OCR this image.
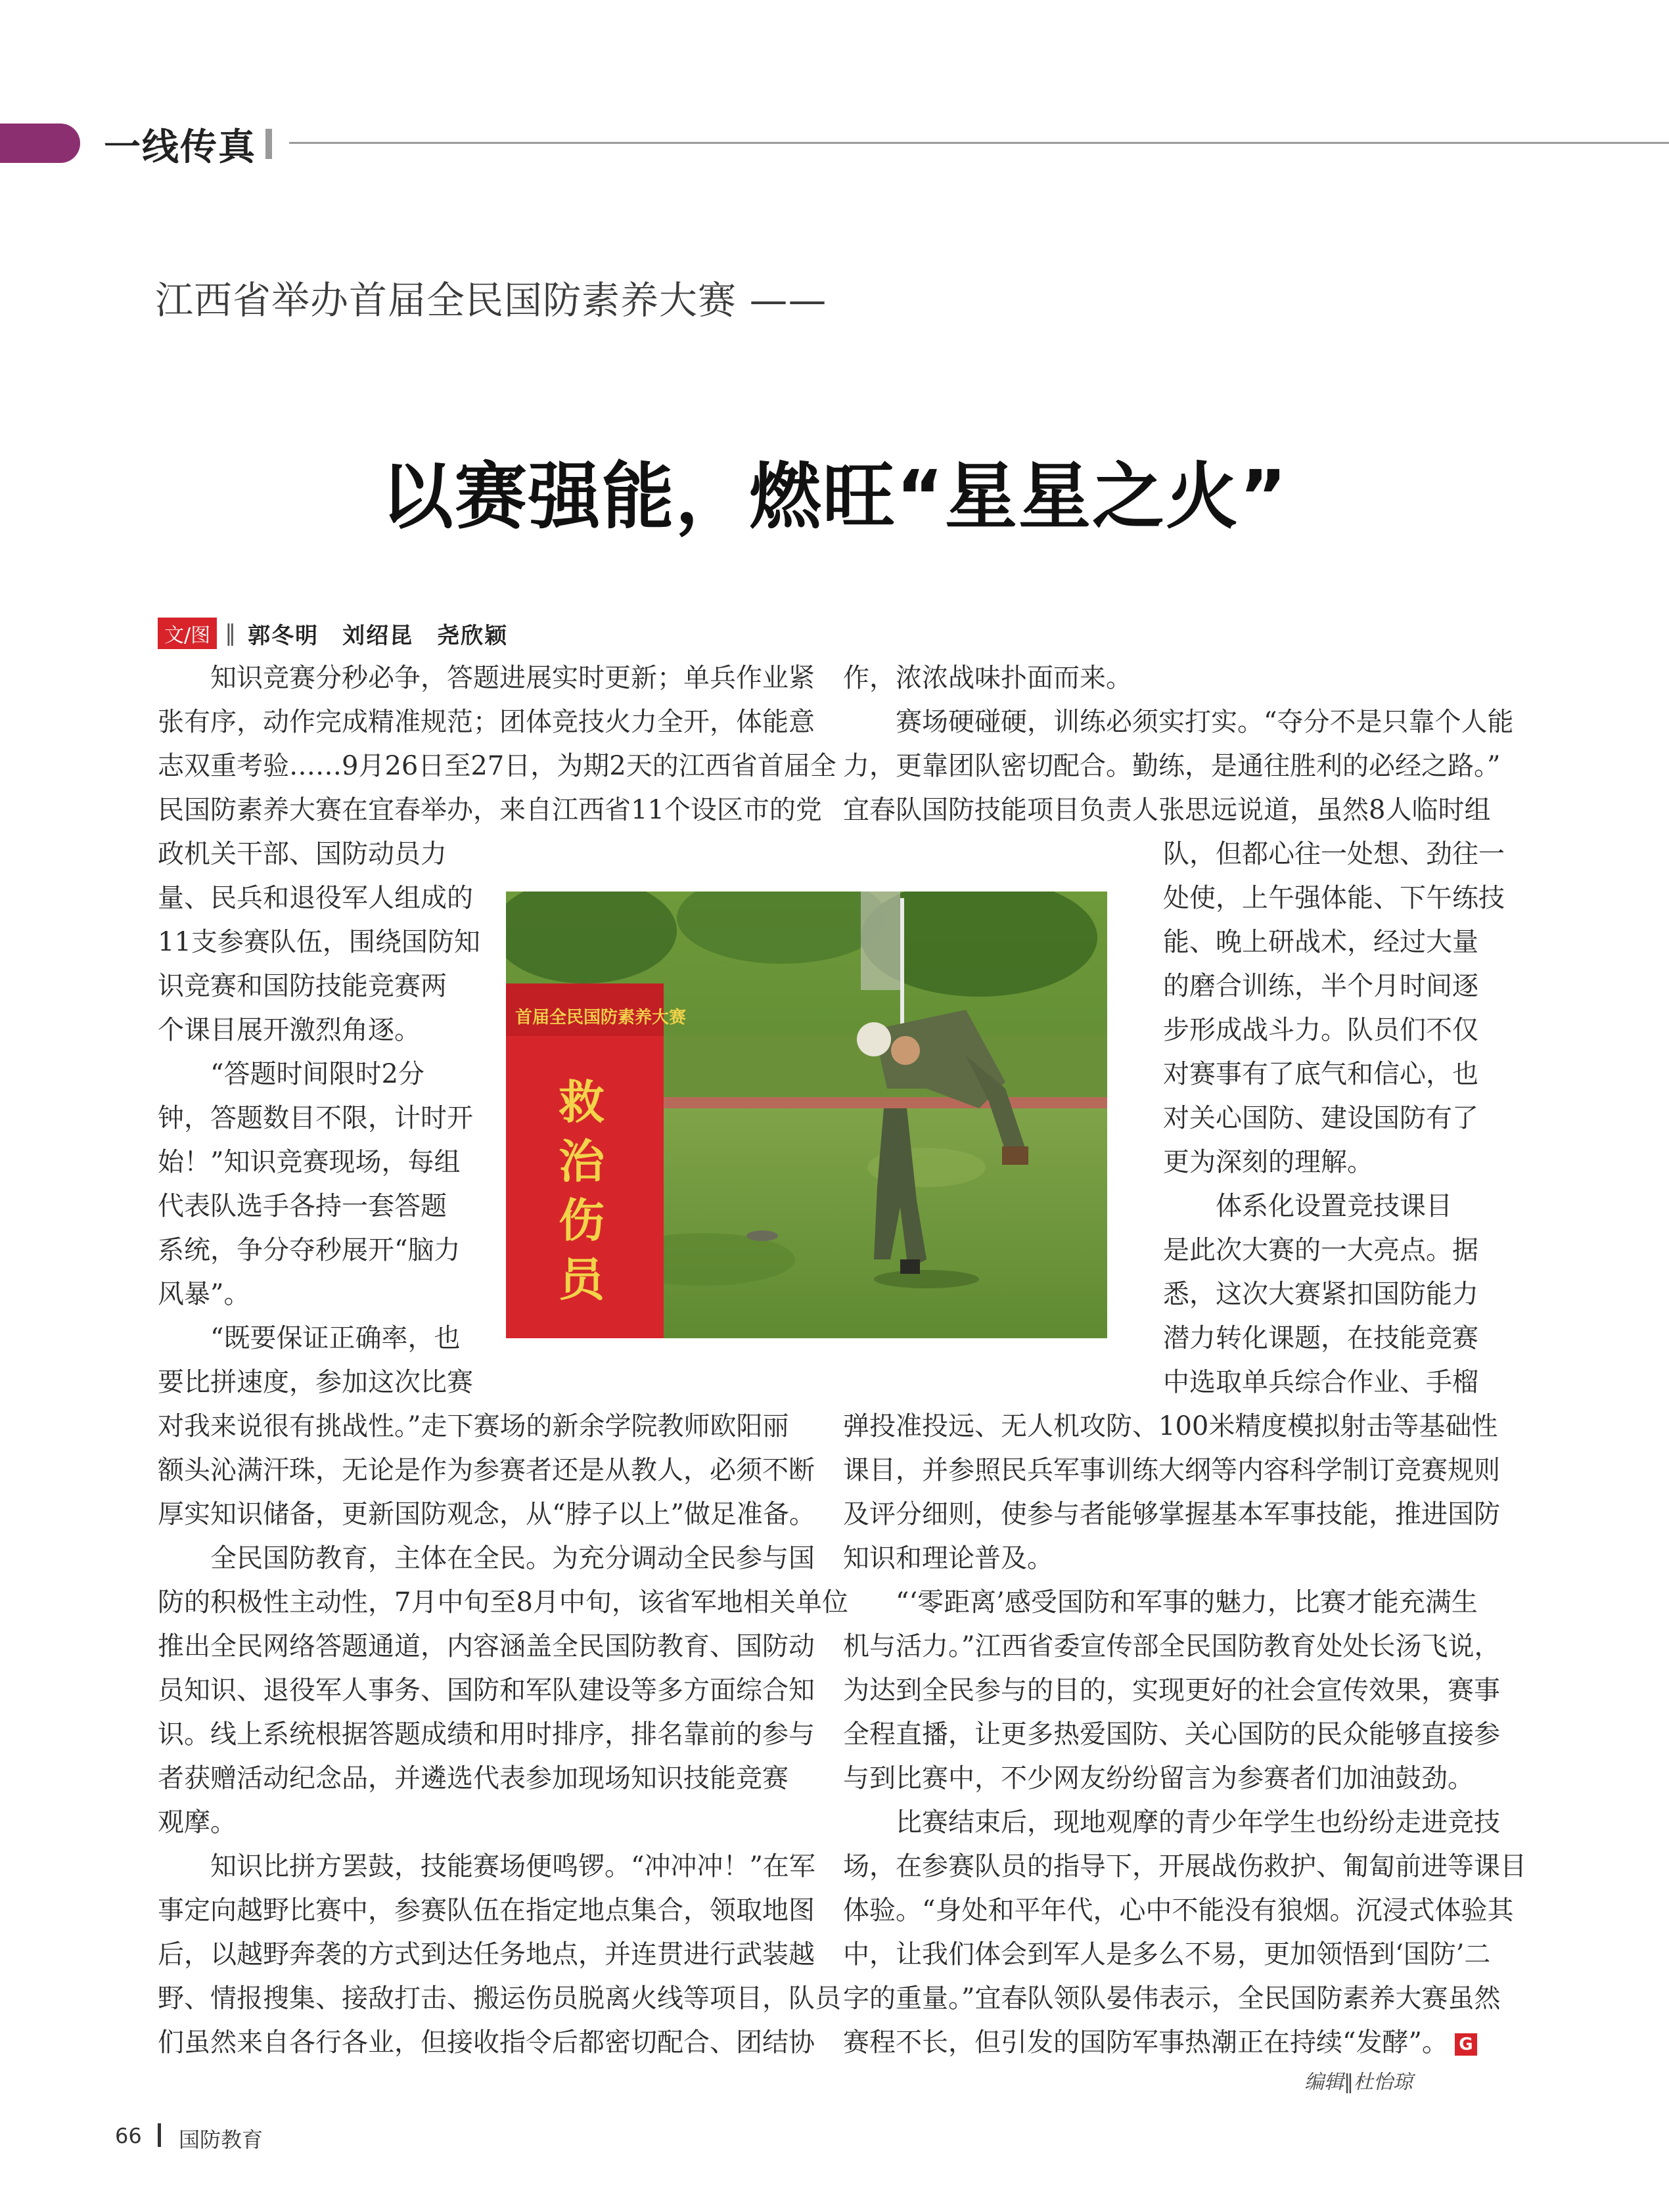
一线传真
江西省举办首届全民国防素养大赛 ——
以赛强能，燃旺“星星之火”
文/图 ‖ 郭冬明　刘绍昆　尧欣颖
　　知识竞赛分秒必争，答题进展实时更新；单兵作业紧
张有序，动作完成精准规范；团体竞技火力全开，体能意
志双重考验……9月26日至27日，为期2天的江西省首届全
民国防素养大赛在宜春举办，来自江西省11个设区市的党
政机关干部、国防动员力
量、民兵和退役军人组成的
11支参赛队伍，围绕国防知
识竞赛和国防技能竞赛两
个课目展开激烈角逐。
　　“答题时间限时2分
钟，答题数目不限，计时开
始！”知识竞赛现场，每组
代表队选手各持一套答题
系统，争分夺秒展开“脑力
风暴”。
　　“既要保证正确率，也
要比拼速度，参加这次比赛
对我来说很有挑战性。”走下赛场的新余学院教师欧阳丽
额头沁满汗珠，无论是作为参赛者还是从教人，必须不断
厚实知识储备，更新国防观念，从“脖子以上”做足准备。
　　全民国防教育，主体在全民。为充分调动全民参与国
防的积极性主动性，7月中旬至8月中旬，该省军地相关单位
推出全民网络答题通道，内容涵盖全民国防教育、国防动
员知识、退役军人事务、国防和军队建设等多方面综合知
识。线上系统根据答题成绩和用时排序，排名靠前的参与
者获赠活动纪念品，并遴选代表参加现场知识技能竞赛
观摩。
　　知识比拼方罢鼓，技能赛场便鸣锣。“冲冲冲！”在军
事定向越野比赛中，参赛队伍在指定地点集合，领取地图
后，以越野奔袭的方式到达任务地点，并连贯进行武装越
野、情报搜集、接敌打击、搬运伤员脱离火线等项目，队员
们虽然来自各行各业，但接收指令后都密切配合、团结协
作，浓浓战味扑面而来。
　　赛场硬碰硬，训练必须实打实。“夺分不是只靠个人能
力，更靠团队密切配合。勤练，是通往胜利的必经之路。”
宜春队国防技能项目负责人张思远说道，虽然8人临时组
队，但都心往一处想、劲往一
处使，上午强体能、下午练技
能、晚上研战术，经过大量
的磨合训练，半个月时间逐
步形成战斗力。队员们不仅
对赛事有了底气和信心，也
对关心国防、建设国防有了
更为深刻的理解。
　　体系化设置竞技课目
是此次大赛的一大亮点。据
悉，这次大赛紧扣国防能力
潜力转化课题，在技能竞赛
中选取单兵综合作业、手榴
弹投准投远、无人机攻防、100米精度模拟射击等基础性
课目，并参照民兵军事训练大纲等内容科学制订竞赛规则
及评分细则，使参与者能够掌握基本军事技能，推进国防
知识和理论普及。
　　“‘零距离’感受国防和军事的魅力，比赛才能充满生
机与活力。”江西省委宣传部全民国防教育处处长汤飞说，
为达到全民参与的目的，实现更好的社会宣传效果，赛事
全程直播，让更多热爱国防、关心国防的民众能够直接参
与到比赛中，不少网友纷纷留言为参赛者们加油鼓劲。
　　比赛结束后，现地观摩的青少年学生也纷纷走进竞技
场，在参赛队员的指导下，开展战伤救护、匍匐前进等课目
体验。“身处和平年代，心中不能没有狼烟。沉浸式体验其
中，让我们体会到军人是多么不易，更加领悟到‘国防’二
字的重量。”宜春队领队晏伟表示，全民国防素养大赛虽然
赛程不长，但引发的国防军事热潮正在持续“发酵”。 G
首届全民国防素养大赛
救
治
伤
员
编辑‖杜怡琼
66 国防教育
